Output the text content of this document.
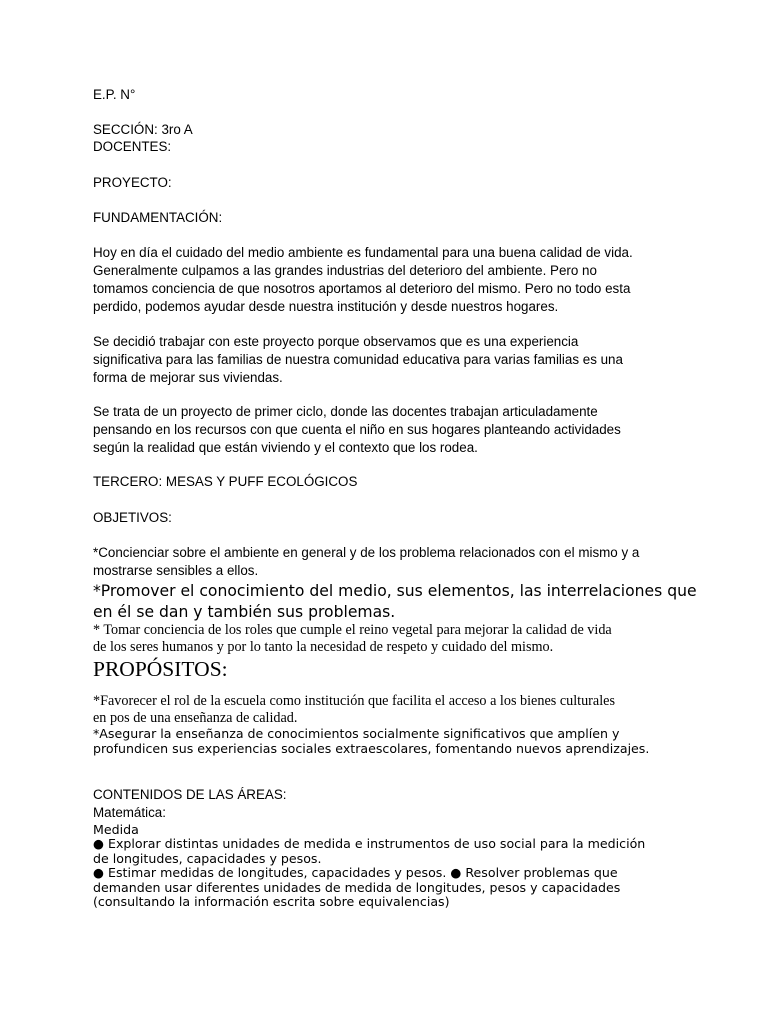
E.P. N°
SECCIÓN: 3ro A
DOCENTES:
PROYECTO:
FUNDAMENTACIÓN:
Hoy en día el cuidado del medio ambiente es fundamental para una buena calidad de vida.
Generalmente culpamos a las grandes industrias del deterioro del ambiente. Pero no
tomamos conciencia de que nosotros aportamos al deterioro del mismo. Pero no todo esta
perdido, podemos ayudar desde nuestra institución y desde nuestros hogares.
Se decidió trabajar con este proyecto porque observamos que es una experiencia
significativa para las familias de nuestra comunidad educativa para varias familias es una
forma de mejorar sus viviendas.
Se trata de un proyecto de primer ciclo, donde las docentes trabajan articuladamente
pensando en los recursos con que cuenta el niño en sus hogares planteando actividades
según la realidad que están viviendo y el contexto que los rodea.
TERCERO: MESAS Y PUFF ECOLÓGICOS
OBJETIVOS:
*Concienciar sobre el ambiente en general y de los problema relacionados con el mismo y a
mostrarse sensibles a ellos.
*Promover el conocimiento del medio, sus elementos, las interrelaciones que
en él se dan y también sus problemas.
* Tomar conciencia de los roles que cumple el reino vegetal para mejorar la calidad de vida
de los seres humanos y por lo tanto la necesidad de respeto y cuidado del mismo.
PROPÓSITOS:
*Favorecer el rol de la escuela como institución que facilita el acceso a los bienes culturales
en pos de una enseñanza de calidad.
*Asegurar la enseñanza de conocimientos socialmente significativos que amplíen y
profundicen sus experiencias sociales extraescolares, fomentando nuevos aprendizajes.
CONTENIDOS DE LAS ÁREAS:
Matemática:
Medida
● Explorar distintas unidades de medida e instrumentos de uso social para la medición
de longitudes, capacidades y pesos.
● Estimar medidas de longitudes, capacidades y pesos. ● Resolver problemas que
demanden usar diferentes unidades de medida de longitudes, pesos y capacidades
(consultando la información escrita sobre equivalencias)
